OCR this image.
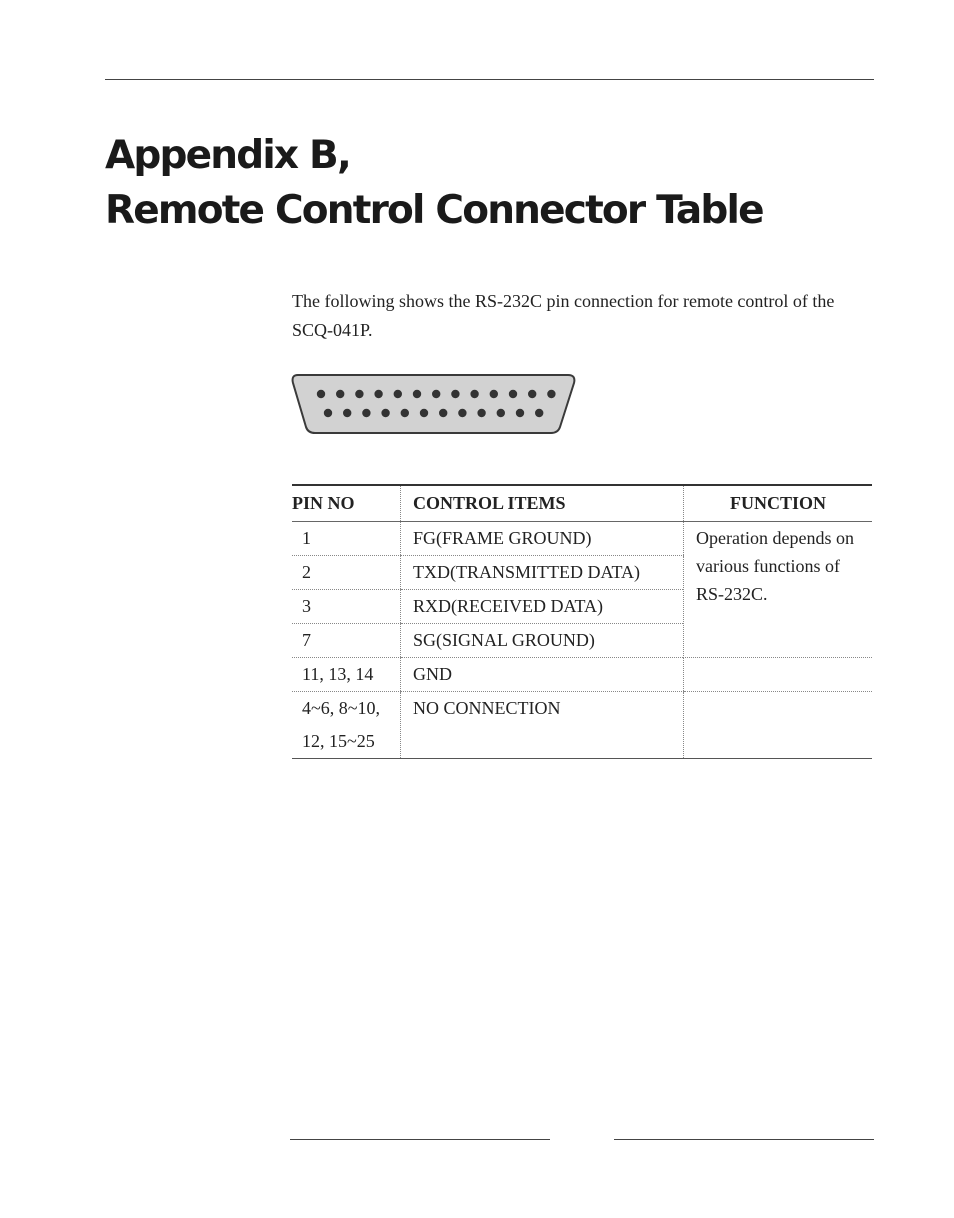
Appendix B,
Remote Control Connector Table

The following shows the RS-232C pin connection for remote control of the SCQ-041P.

PIN NO	CONTROL ITEMS	FUNCTION
1	FG(FRAME GROUND)	Operation depends on various functions of RS-232C.
2	TXD(TRANSMITTED DATA)	
3	RXD(RECEIVED DATA)	
7	SG(SIGNAL GROUND)	
11, 13, 14	GND	

4~6, 8~10,
12, 15~25	NO CONNECTION	
